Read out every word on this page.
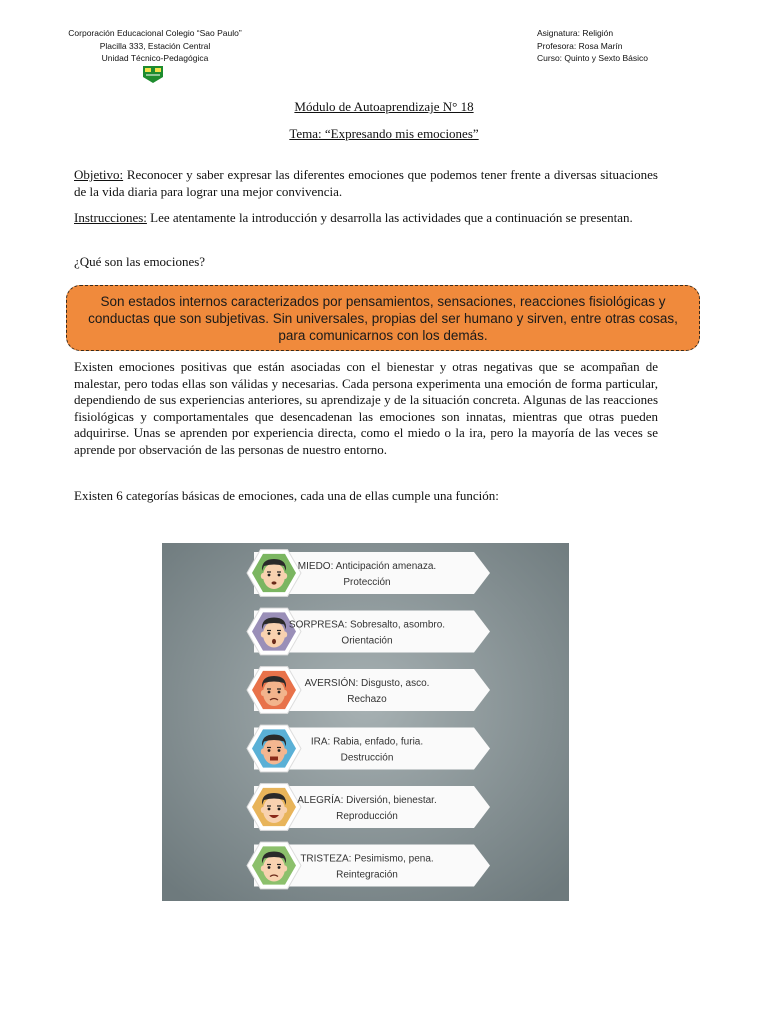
Corporación Educacional Colegio “Sao Paulo”
Placilla 333, Estación Central
Unidad Técnico-Pedagógica
Asignatura: Religión
Profesora: Rosa Marín
Curso: Quinto y Sexto Básico
Módulo de Autoaprendizaje N° 18
Tema: “Expresando mis emociones”
Objetivo: Reconocer y saber expresar las diferentes emociones que podemos tener frente a diversas situaciones de la vida diaria para lograr una mejor convivencia.
Instrucciones: Lee atentamente la introducción y desarrolla las actividades que a continuación se presentan.
¿Qué son las emociones?
Son estados internos caracterizados por pensamientos, sensaciones, reacciones fisiológicas y conductas que son subjetivas. Sin universales, propias del ser humano y sirven, entre otras cosas, para comunicarnos con los demás.
Existen emociones positivas que están asociadas con el bienestar y otras negativas que se acompañan de malestar, pero todas ellas son válidas y necesarias. Cada persona experimenta una emoción de forma particular, dependiendo de sus experiencias anteriores, su aprendizaje y de la situación concreta. Algunas de las reacciones fisiológicas y comportamentales que desencadenan las emociones son innatas, mientras que otras pueden adquirirse. Unas se aprenden por experiencia directa, como el miedo o la ira, pero la mayoría de las veces se aprende por observación de las personas de nuestro entorno.
Existen 6 categorías básicas de emociones, cada una de ellas cumple una función:
MIEDO: Anticipación amenaza.
Protección
SORPRESA: Sobresalto, asombro.
Orientación
AVERSIÓN: Disgusto, asco.
Rechazo
IRA: Rabia, enfado, furia.
Destrucción
ALEGRÍA: Diversión, bienestar.
Reproducción
TRISTEZA: Pesimismo, pena.
Reintegración
